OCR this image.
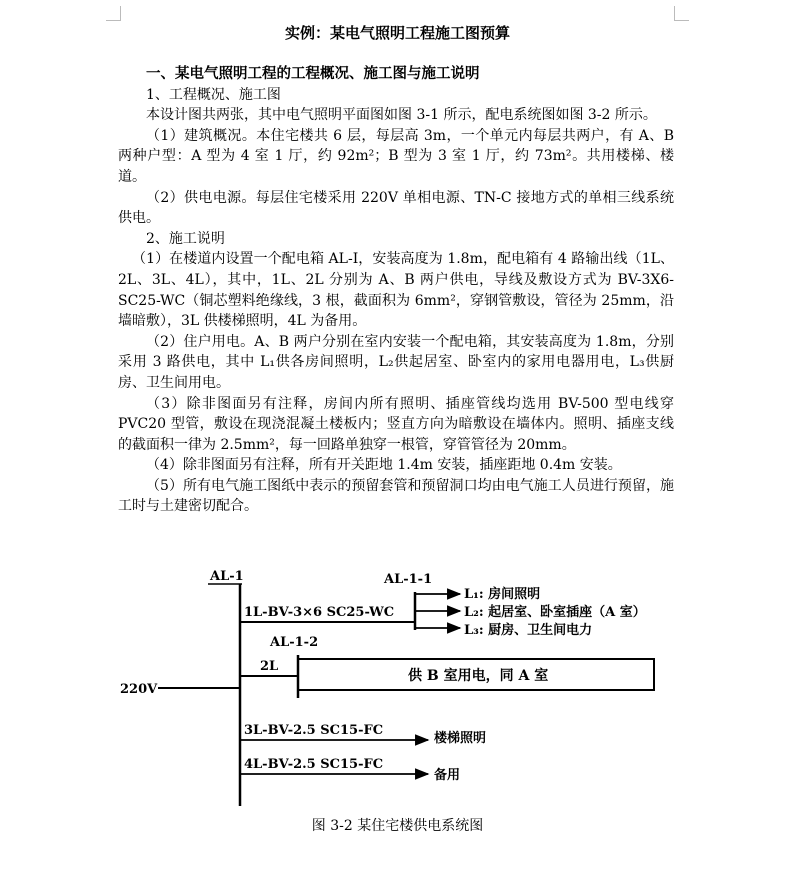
实例：某电气照明工程施工图预算

一、某电气照明工程的工程概况、施工图与施工说明

1、工程概况、施工图

本设计图共两张，其中电气照明平面图如图 3-1 所示，配电系统图如图 3-2 所示。

（1）建筑概况。本住宅楼共 6 层，每层高 3m，一个单元内每层共两户，有 A、B 两种户型：A 型为 4 室 1 厅，约 92m²；B 型为 3 室 1 厅，约 73m²。共用楼梯、楼道。

（2）供电电源。每层住宅楼采用 220V 单相电源、TN-C 接地方式的单相三线系统供电。

2、施工说明

（1）在楼道内设置一个配电箱 AL-I，安装高度为 1.8m，配电箱有 4 路输出线（1L、2L、3L、4L），其中，1L、2L 分别为 A、B 两户供电，导线及敷设方式为 BV-3X6-SC25-WC（铜芯塑料绝缘线，3 根，截面积为 6mm²，穿钢管敷设，管径为 25mm，沿墙暗敷），3L 供楼梯照明，4L 为备用。

（2）住户用电。A、B 两户分别在室内安装一个配电箱，其安装高度为 1.8m，分别采用 3 路供电，其中 L₁供各房间照明，L₂供起居室、卧室内的家用电器用电，L₃供厨房、卫生间用电。

（3）除非图面另有注释，房间内所有照明、插座管线均选用 BV-500 型电线穿 PVC20 型管，敷设在现浇混凝土楼板内；竖直方向为暗敷设在墙体内。照明、插座支线的截面积一律为 2.5mm²，每一回路单独穿一根管，穿管管径为 20mm。

（4）除非图面另有注释，所有开关距地 1.4m 安装，插座距地 0.4m 安装。

（5）所有电气施工图纸中表示的预留套管和预留洞口均由电气施工人员进行预留，施工时与土建密切配合。

220V
AL-1
1L-BV-3×6 SC25-WC
AL-1-1
L₁: 房间照明
L₂: 起居室、卧室插座（A 室）
L₃: 厨房、卫生间电力
AL-1-2
2L
供 B 室用电，同 A 室
3L-BV-2.5 SC15-FC
楼梯照明
4L-BV-2.5 SC15-FC
备用
图 3-2 某住宅楼供电系统图
